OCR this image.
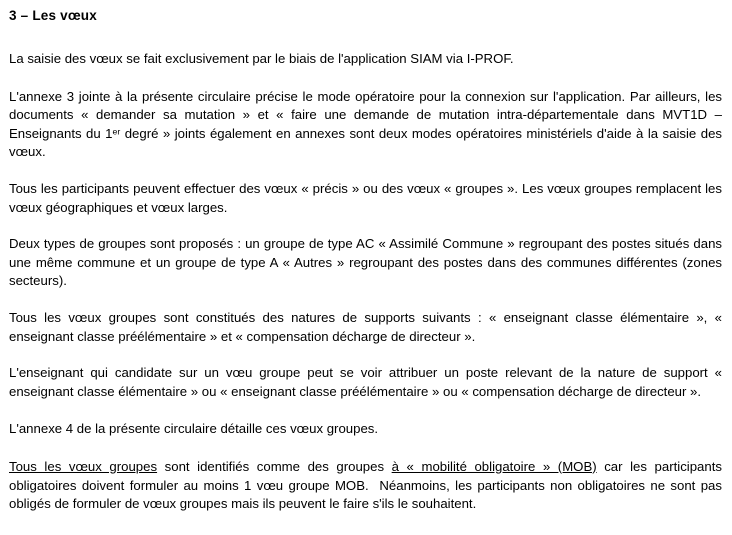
3 – Les vœux

La saisie des vœux se fait exclusivement par le biais de l'application SIAM via I-PROF.

L'annexe 3 jointe à la présente circulaire précise le mode opératoire pour la connexion sur l'application. Par ailleurs, les documents « demander sa mutation » et « faire une demande de mutation intra-départementale dans MVT1D – Enseignants du 1er degré » joints également en annexes sont deux modes opératoires ministériels d'aide à la saisie des vœux.

Tous les participants peuvent effectuer des vœux « précis » ou des vœux « groupes ». Les vœux groupes remplacent les vœux géographiques et vœux larges.

Deux types de groupes sont proposés : un groupe de type AC « Assimilé Commune » regroupant des postes situés dans une même commune et un groupe de type A « Autres » regroupant des postes dans des communes différentes (zones secteurs).

Tous les vœux groupes sont constitués des natures de supports suivants : « enseignant classe élémentaire », « enseignant classe préélémentaire » et « compensation décharge de directeur ».

L'enseignant qui candidate sur un vœu groupe peut se voir attribuer un poste relevant de la nature de support « enseignant classe élémentaire » ou « enseignant classe préélémentaire » ou « compensation décharge de directeur ».

L'annexe 4 de la présente circulaire détaille ces vœux groupes.

Tous les vœux groupes sont identifiés comme des groupes à « mobilité obligatoire » (MOB) car les participants obligatoires doivent formuler au moins 1 vœu groupe MOB.  Néanmoins, les participants non obligatoires ne sont pas obligés de formuler de vœux groupes mais ils peuvent le faire s'ils le souhaitent.
